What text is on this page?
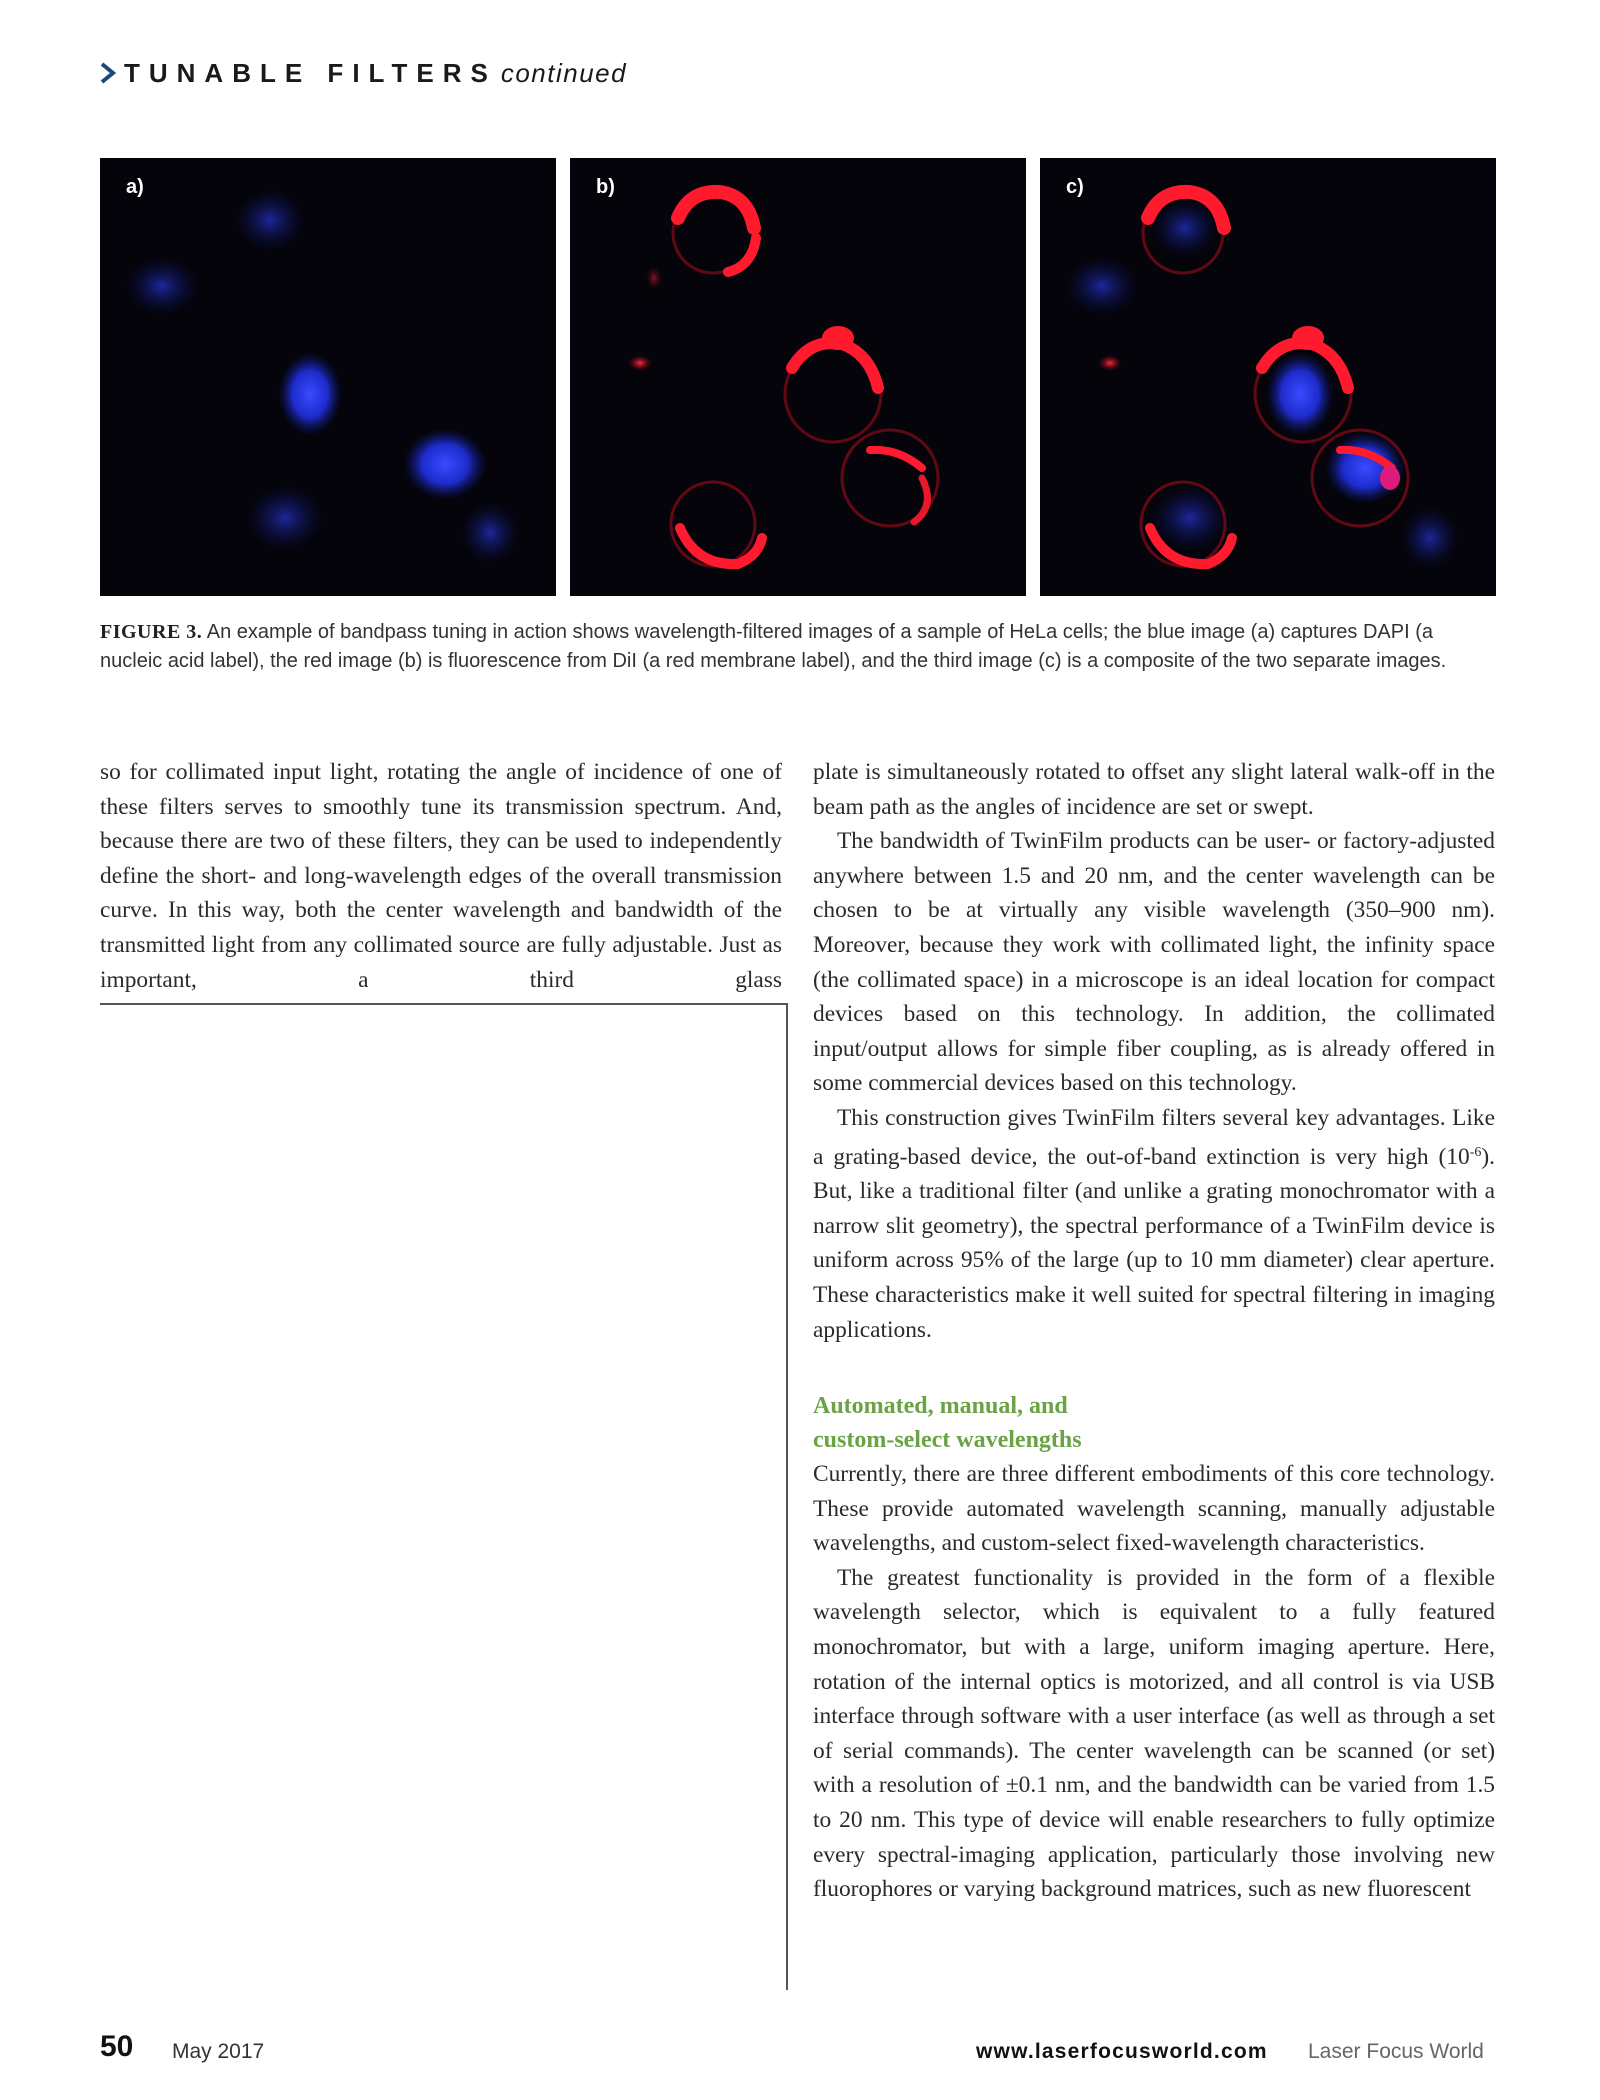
TUNABLE FILTERS continued
a)	b)	c)
FIGURE 3. An example of bandpass tuning in action shows wavelength-filtered images of a sample of HeLa cells; the blue image (a) captures DAPI (a nucleic acid label), the red image (b) is fluorescence from DiI (a red membrane label), and the third image (c) is a composite of the two separate images.
so for collimated input light, rotating the angle of incidence of one of these filters serves to smoothly tune its transmission spectrum. And, because there are two of these filters, they can be used to independently define the short- and long-wavelength edges of the overall transmission curve. In this way, both the center wavelength and bandwidth of the transmitted light from any collimated source are fully adjustable. Just as important, a third glass

plate is simultaneously rotated to offset any slight lateral walk-off in the beam path as the angles of incidence are set or swept.

The bandwidth of TwinFilm products can be user- or factory-adjusted anywhere between 1.5 and 20 nm, and the center wavelength can be chosen to be at virtually any visible wavelength (350–900 nm). Moreover, because they work with collimated light, the infinity space (the collimated space) in a microscope is an ideal location for compact devices based on this technology. In addition, the collimated input/output allows for simple fiber coupling, as is already offered in some commercial devices based on this technology.

This construction gives TwinFilm filters several key advantages. Like a grating-based device, the out-of-band extinction is very high $(10^{-6})$. But, like a traditional filter (and unlike a grating monochromator with a narrow slit geometry), the spectral performance of a TwinFilm device is uniform across 95% of the large (up to 10 mm diameter) clear aperture. These characteristics make it well suited for spectral filtering in imaging applications.

Automated, manual, and
custom-select wavelengths

Currently, there are three different embodiments of this core technology. These provide automated wavelength scanning, manually adjustable wavelengths, and custom-select fixed-wavelength characteristics.

The greatest functionality is provided in the form of a flexible wavelength selector, which is equivalent to a fully featured monochromator, but with a large, uniform imaging aperture. Here, rotation of the internal optics is motorized, and all control is via USB interface through software with a user interface (as well as through a set of serial commands). The center wavelength can be scanned (or set) with a resolution of ±0.1 nm, and the bandwidth can be varied from 1.5 to 20 nm. This type of device will enable researchers to fully optimize every spectral-imaging application, particularly those involving new fluorophores or varying background matrices, such as new fluorescent

50 May 2017	www.laserfocusworld.com Laser Focus World
